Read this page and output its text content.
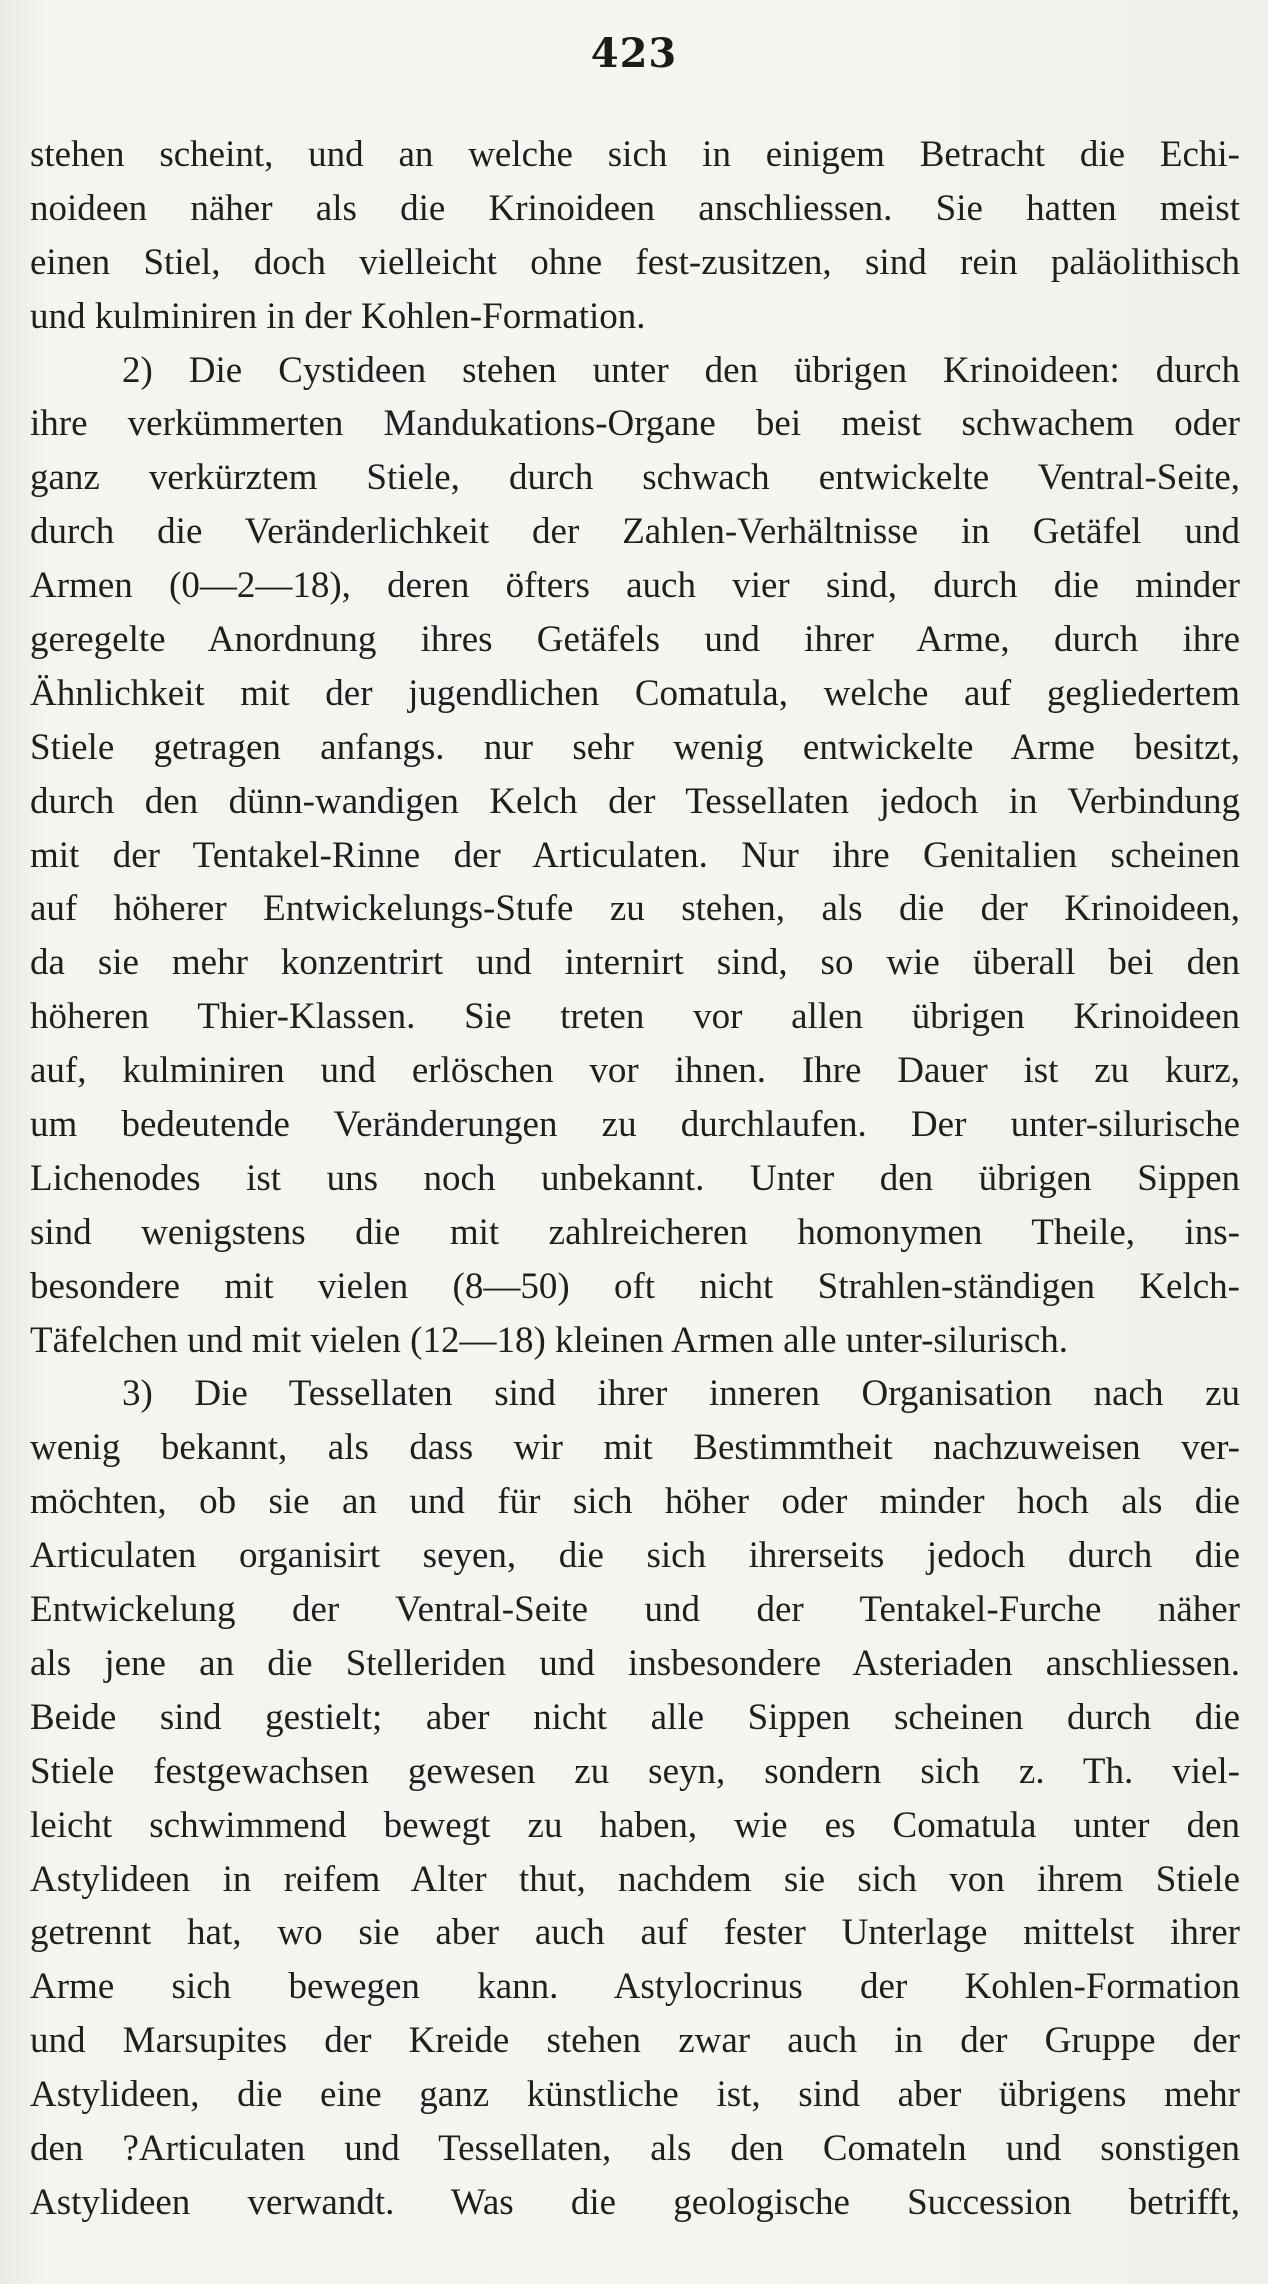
423
stehen scheint, und an welche sich in einigem Betracht die Echi-
noideen näher als die Krinoideen anschliessen. Sie hatten meist
einen Stiel, doch vielleicht ohne fest-zusitzen, sind rein paläolithisch
und kulminiren in der Kohlen-Formation.
2) Die Cystideen stehen unter den übrigen Krinoideen: durch
ihre verkümmerten Mandukations-Organe bei meist schwachem oder
ganz verkürztem Stiele, durch schwach entwickelte Ventral-Seite,
durch die Veränderlichkeit der Zahlen-Verhältnisse in Getäfel und
Armen (0—2—18), deren öfters auch vier sind, durch die minder
geregelte Anordnung ihres Getäfels und ihrer Arme, durch ihre
Ähnlichkeit mit der jugendlichen Comatula, welche auf gegliedertem
Stiele getragen anfangs. nur sehr wenig entwickelte Arme besitzt,
durch den dünn-wandigen Kelch der Tessellaten jedoch in Verbindung
mit der Tentakel-Rinne der Articulaten. Nur ihre Genitalien scheinen
auf höherer Entwickelungs-Stufe zu stehen, als die der Krinoideen,
da sie mehr konzentrirt und internirt sind, so wie überall bei den
höheren Thier-Klassen. Sie treten vor allen übrigen Krinoideen
auf, kulminiren und erlöschen vor ihnen. Ihre Dauer ist zu kurz,
um bedeutende Veränderungen zu durchlaufen. Der unter-silurische
Lichenodes ist uns noch unbekannt. Unter den übrigen Sippen
sind wenigstens die mit zahlreicheren homonymen Theile, ins-
besondere mit vielen (8—50) oft nicht Strahlen-ständigen Kelch-
Täfelchen und mit vielen (12—18) kleinen Armen alle unter-silurisch.
3) Die Tessellaten sind ihrer inneren Organisation nach zu
wenig bekannt, als dass wir mit Bestimmtheit nachzuweisen ver-
möchten, ob sie an und für sich höher oder minder hoch als die
Articulaten organisirt seyen, die sich ihrerseits jedoch durch die
Entwickelung der Ventral-Seite und der Tentakel-Furche näher
als jene an die Stelleriden und insbesondere Asteriaden anschliessen.
Beide sind gestielt; aber nicht alle Sippen scheinen durch die
Stiele festgewachsen gewesen zu seyn, sondern sich z. Th. viel-
leicht schwimmend bewegt zu haben, wie es Comatula unter den
Astylideen in reifem Alter thut, nachdem sie sich von ihrem Stiele
getrennt hat, wo sie aber auch auf fester Unterlage mittelst ihrer
Arme sich bewegen kann. Astylocrinus der Kohlen-Formation
und Marsupites der Kreide stehen zwar auch in der Gruppe der
Astylideen, die eine ganz künstliche ist, sind aber übrigens mehr
den ?Articulaten und Tessellaten, als den Comateln und sonstigen
Astylideen verwandt. Was die geologische Succession betrifft,
